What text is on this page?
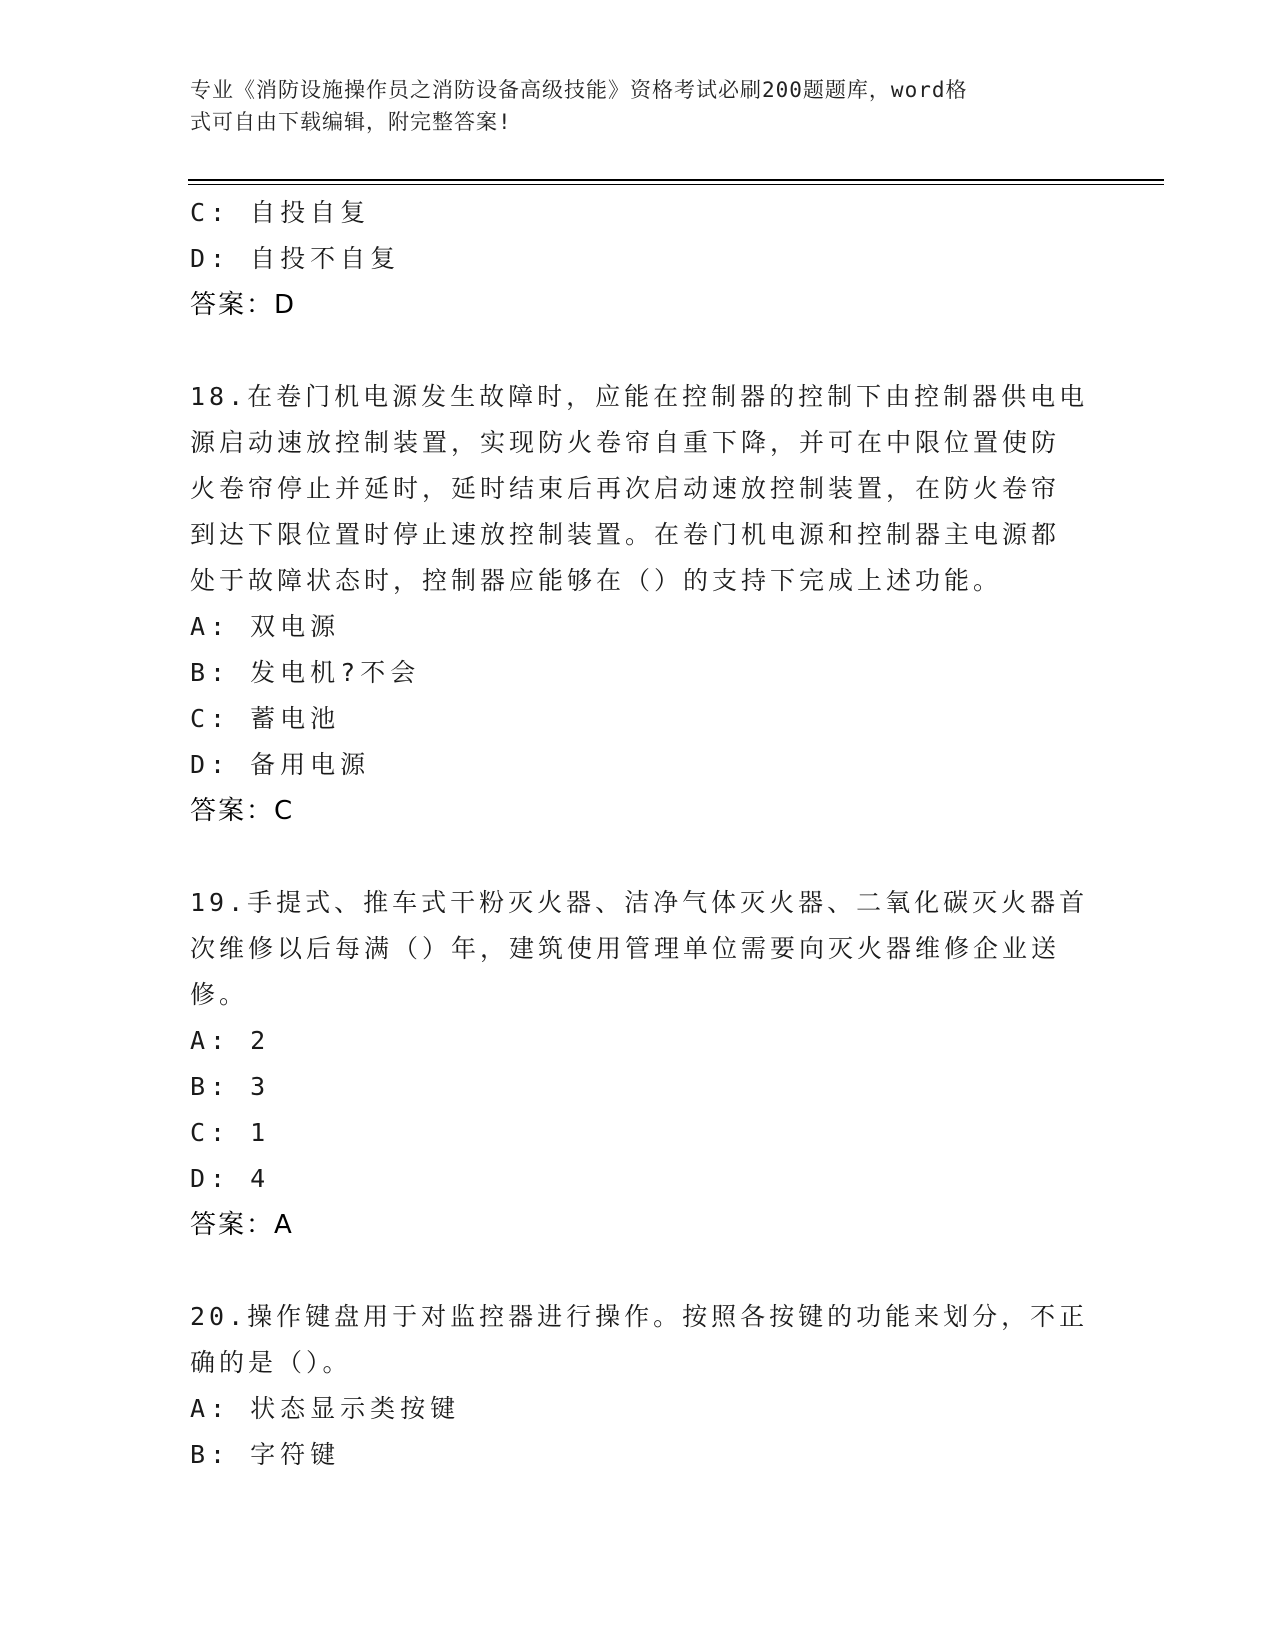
专业《消防设施操作员之消防设备高级技能》资格考试必刷200题题库，word格
式可自由下载编辑，附完整答案!
C: 自投自复
D: 自投不自复
答案：D
18.在卷门机电源发生故障时，应能在控制器的控制下由控制器供电电
源启动速放控制装置，实现防火卷帘自重下降，并可在中限位置使防
火卷帘停止并延时，延时结束后再次启动速放控制装置，在防火卷帘
到达下限位置时停止速放控制装置。在卷门机电源和控制器主电源都
处于故障状态时，控制器应能够在（）的支持下完成上述功能。
A: 双电源
B: 发电机?不会
C: 蓄电池
D: 备用电源
答案：C
19.手提式、推车式干粉灭火器、洁净气体灭火器、二氧化碳灭火器首
次维修以后每满（）年，建筑使用管理单位需要向灭火器维修企业送
修。
A: 2
B: 3
C: 1
D: 4
答案：A
20.操作键盘用于对监控器进行操作。按照各按键的功能来划分，不正
确的是（）。
A: 状态显示类按键
B: 字符键
